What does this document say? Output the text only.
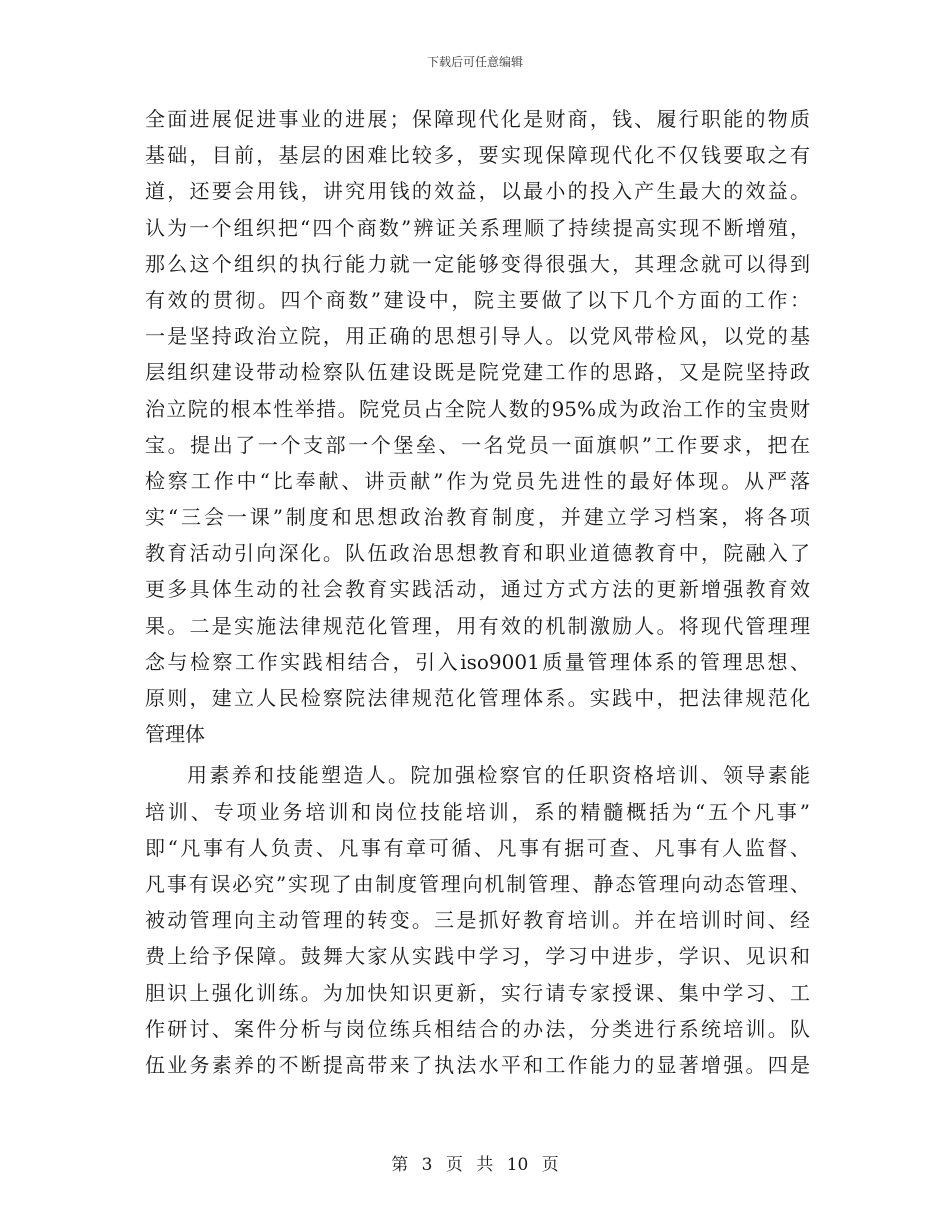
下载后可任意编辑
全面进展促进事业的进展；保障现代化是财商，钱、履行职能的物质
基础，目前，基层的困难比较多，要实现保障现代化不仅钱要取之有
道，还要会用钱，讲究用钱的效益，以最小的投入产生最大的效益。
认为一个组织把“四个商数”辨证关系理顺了持续提高实现不断增殖，
那么这个组织的执行能力就一定能够变得很强大，其理念就可以得到
有效的贯彻。四个商数”建设中，院主要做了以下几个方面的工作：
一是坚持政治立院，用正确的思想引导人。以党风带检风，以党的基
层组织建设带动检察队伍建设既是院党建工作的思路，又是院坚持政
治立院的根本性举措。院党员占全院人数的95%成为政治工作的宝贵财
宝。提出了一个支部一个堡垒、一名党员一面旗帜”工作要求，把在
检察工作中“比奉献、讲贡献”作为党员先进性的最好体现。从严落
实“三会一课”制度和思想政治教育制度，并建立学习档案，将各项
教育活动引向深化。队伍政治思想教育和职业道德教育中，院融入了
更多具体生动的社会教育实践活动，通过方式方法的更新增强教育效
果。二是实施法律规范化管理，用有效的机制激励人。将现代管理理
念与检察工作实践相结合，引入iso9001质量管理体系的管理思想、
原则，建立人民检察院法律规范化管理体系。实践中，把法律规范化
管理体
用素养和技能塑造人。院加强检察官的任职资格培训、领导素能
培训、专项业务培训和岗位技能培训，系的精髓概括为“五个凡事”
即“凡事有人负责、凡事有章可循、凡事有据可查、凡事有人监督、
凡事有误必究”实现了由制度管理向机制管理、静态管理向动态管理、
被动管理向主动管理的转变。三是抓好教育培训。并在培训时间、经
费上给予保障。鼓舞大家从实践中学习，学习中进步，学识、见识和
胆识上强化训练。为加快知识更新，实行请专家授课、集中学习、工
作研讨、案件分析与岗位练兵相结合的办法，分类进行系统培训。队
伍业务素养的不断提高带来了执法水平和工作能力的显著增强。四是
第 3 页 共 10 页
